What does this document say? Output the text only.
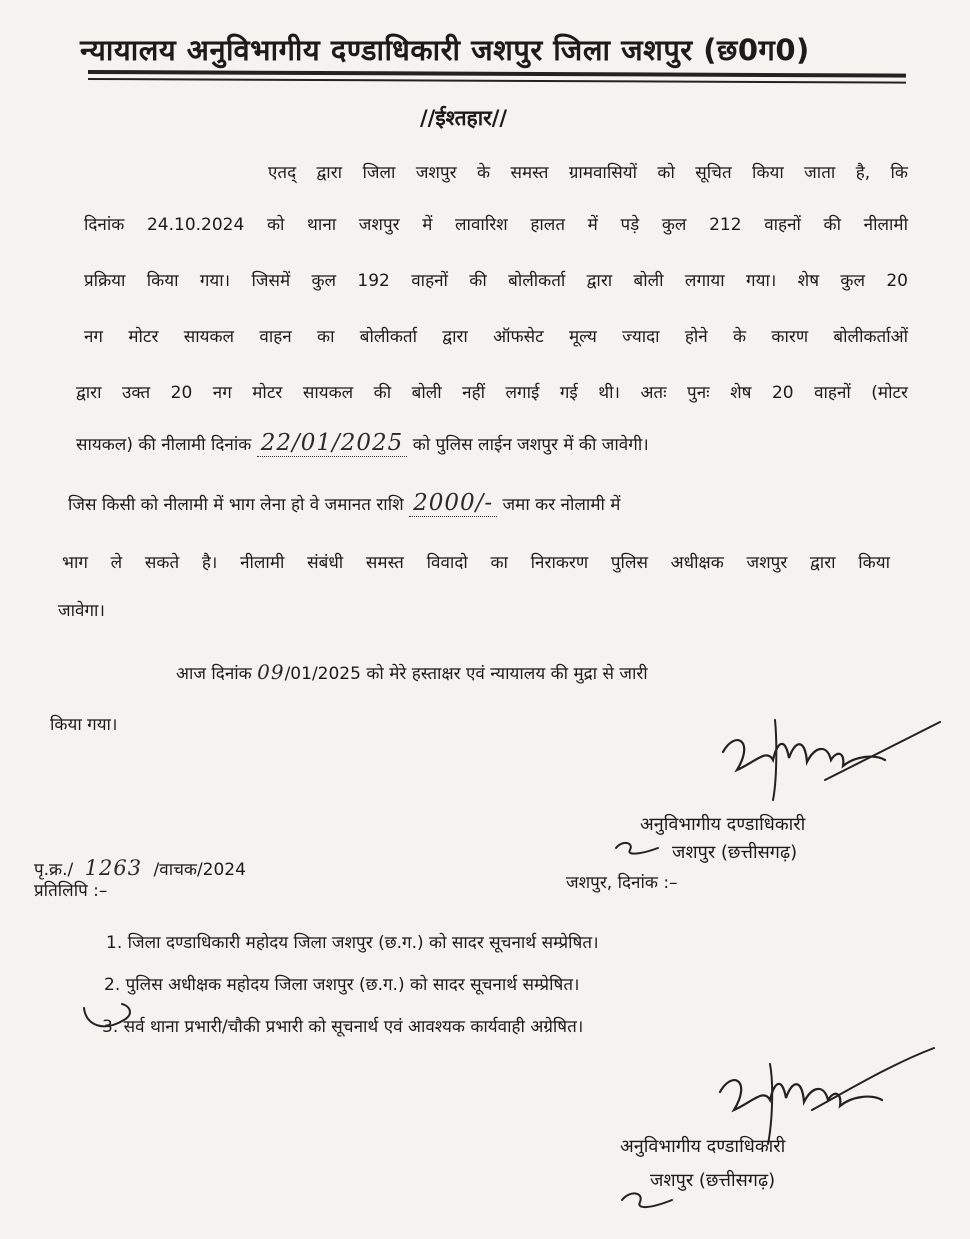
न्यायालय अनुविभागीय दण्डाधिकारी जशपुर जिला जशपुर (छ0ग0)
//ईश्तहार//
एतद् द्वारा जिला जशपुर के समस्त ग्रामवासियों को सूचित किया जाता है, कि
दिनांक 24.10.2024 को थाना जशपुर में लावारिश हालत में पड़े कुल 212 वाहनों की नीलामी
प्रक्रिया किया गया। जिसमें कुल 192 वाहनों की बोलीकर्ता द्वारा बोली लगाया गया। शेष कुल 20
नग मोटर सायकल वाहन का बोलीकर्ता द्वारा ऑफसेट मूल्य ज्यादा होने के कारण बोलीकर्ताओं
द्वारा उक्त 20 नग मोटर सायकल की बोली नहीं लगाई गई थी। अतः पुनः शेष 20 वाहनों (मोटर
सायकल) की नीलामी दिनांक 22/01/2025 को पुलिस लाईन जशपुर में की जावेगी।
जिस किसी को नीलामी में भाग लेना हो वे जमानत राशि 2000/- जमा कर नोलामी में
भाग ले सकते है। नीलामी संबंधी समस्त विवादो का निराकरण पुलिस अधीक्षक जशपुर द्वारा किया
जावेगा।
आज दिनांक 09/01/2025 को मेरे हस्ताक्षर एवं न्यायालय की मुद्रा से जारी
किया गया।
अनुविभागीय दण्डाधिकारी
जशपुर (छत्तीसगढ़)
पृ.क्र./ 1263 /वाचक/2024
जशपुर, दिनांक :–
प्रतिलिपि :–
1. जिला दण्डाधिकारी महोदय जिला जशपुर (छ.ग.) को सादर सूचनार्थ सम्प्रेषित।
2. पुलिस अधीक्षक महोदय जिला जशपुर (छ.ग.) को सादर सूचनार्थ सम्प्रेषित।
3. सर्व थाना प्रभारी/चौकी प्रभारी को सूचनार्थ एवं आवश्यक कार्यवाही अग्रेषित।
अनुविभागीय दण्डाधिकारी
जशपुर (छत्तीसगढ़)
